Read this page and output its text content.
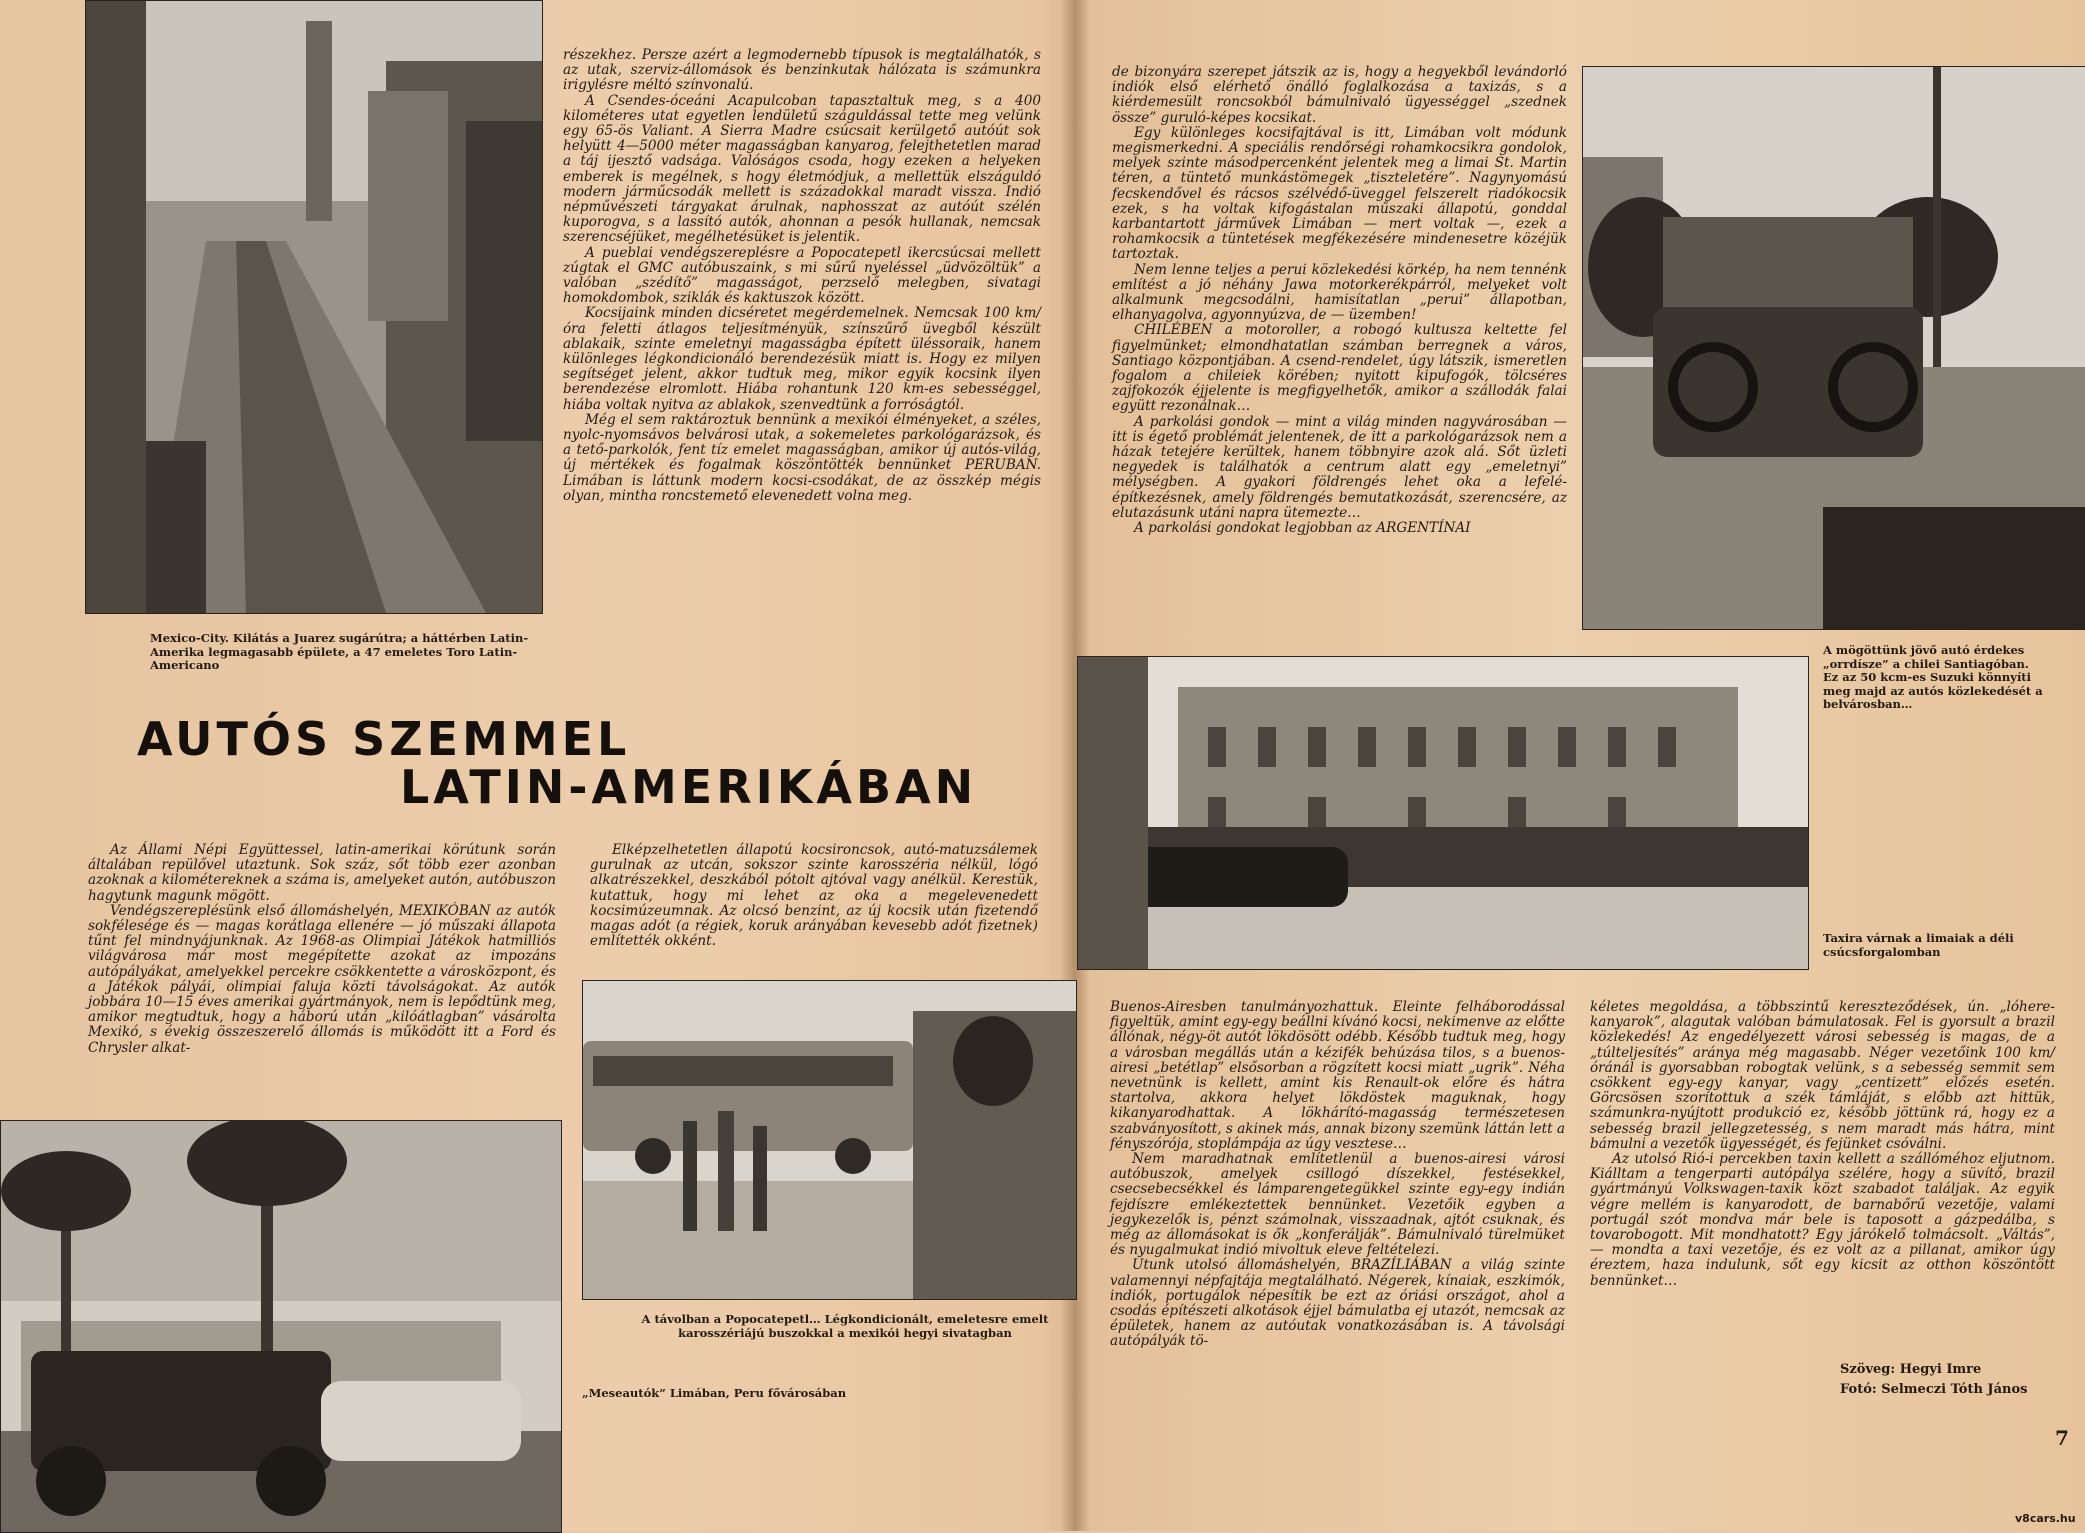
Mexico-City. Kilátás a Juarez sugárútra; a háttérben Latin-Amerika legmagasabb épülete, a 47 emeletes Toro Latin-Americano

részekhez. Persze azért a legmodernebb típusok is megtalálhatók, s az utak, szerviz-állomások és benzinkutak hálózata is számunkra irigylésre méltó színvonalú.

A Csendes-óceáni Acapulcoban tapasztaltuk meg, s a 400 kilométeres utat egyetlen lendületű száguldással tette meg velünk egy 65-ös Valiant. A Sierra Madre csúcsait kerülgető autóút sok helyütt 4—5000 méter magasságban kanyarog, felejthetetlen marad a táj ijesztő vadsága. Valóságos csoda, hogy ezeken a helyeken emberek is megélnek, s hogy életmódjuk, a mellettük elszáguldó modern járműcsodák mellett is századokkal maradt vissza. Indió népművészeti tárgyakat árulnak, naphosszat az autóút szélén kuporogva, s a lassító autók, ahonnan a pesók hullanak, nemcsak szerencséjüket, megélhetésüket is jelentik.

A pueblai vendégszereplésre a Popocatepetl ikercsúcsai mellett zúgtak el GMC autóbuszaink, s mi sűrű nyeléssel „üdvözöltük” a valóban „szédítő” magasságot, perzselő melegben, sivatagi homokdombok, sziklák és kaktuszok között.

Kocsijaink minden dicséretet megérdemelnek. Nemcsak 100 km/óra feletti átlagos teljesítményük, színszűrő üvegből készült ablakaik, szinte emeletnyi magasságba épített üléssoraik, hanem különleges légkondicionáló berendezésük miatt is. Hogy ez milyen segítséget jelent, akkor tudtuk meg, mikor egyik kocsink ilyen berendezése elromlott. Hiába rohantunk 120 km-es sebességgel, hiába voltak nyitva az ablakok, szenvedtünk a forróságtól.

Még el sem raktároztuk bennünk a mexikói élményeket, a széles, nyolc-nyomsávos belvárosi utak, a sokemeletes parkológarázsok, és a tető-parkolók, fent tíz emelet magasságban, amikor új autós-világ, új mértékek és fogalmak köszöntötték bennünket PERUBAN. Limában is láttunk modern kocsi-csodákat, de az összkép mégis olyan, mintha roncstemető elevenedett volna meg.

AUTÓS SZEMMEL
LATIN-AMERIKÁBAN

Az Állami Népi Együttessel, latin-amerikai körútunk során általában repülővel utaztunk. Sok száz, sőt több ezer azonban azoknak a kilométereknek a száma is, amelyeket autón, autóbuszon hagytunk magunk mögött.

Vendégszereplésünk első állomáshelyén, MEXIKÓBAN az autók sokfélesége és — magas korátlaga ellenére — jó műszaki állapota tűnt fel mindnyájunknak. Az 1968-as Olimpiai Játékok hatmilliós világvárosa már most megépítette azokat az impozáns autópályákat, amelyekkel percekre csökkentette a városközpont, és a Játékok pályái, olimpiai faluja közti távolságokat. Az autók jobbára 10—15 éves amerikai gyártmányok, nem is lepődtünk meg, amikor megtudtuk, hogy a háború után „kilóátlagban” vásárolta Mexikó, s évekig összeszerelő állomás is működött itt a Ford és Chrysler alkat-

Elképzelhetetlen állapotú kocsironcsok, autó-matuzsálemek gurulnak az utcán, sokszor szinte karosszéria nélkül, lógó alkatrészekkel, deszkából pótolt ajtóval vagy anélkül. Kerestük, kutattuk, hogy mi lehet az oka a megelevenedett kocsimúzeumnak. Az olcsó benzint, az új kocsik után fizetendő magas adót (a régiek, koruk arányában kevesebb adót fizetnek) említették okként.

A távolban a Popocatepetl… Légkondicionált, emeletesre emelt karosszériájú buszokkal a mexikói hegyi sivatagban
„Meseautók” Limában, Peru fővárosában

de bizonyára szerepet játszik az is, hogy a hegyekből levándorló indiók első elérhető önálló foglalkozása a taxizás, s a kiérdemesült roncsokból bámulnivaló ügyességgel „szednek össze” guruló-képes kocsikat.

Egy különleges kocsifajtával is itt, Limában volt módunk megismerkedni. A speciális rendőrségi rohamkocsikra gondolok, melyek szinte másodpercenként jelentek meg a limai St. Martin téren, a tüntető munkástömegek „tiszteletére”. Nagynyomású fecskendővel és rácsos szélvédő-üveggel felszerelt riadókocsik ezek, s ha voltak kifogástalan műszaki állapotú, gonddal karbantartott járművek Limában — mert voltak —, ezek a rohamkocsik a tüntetések megfékezésére mindenesetre közéjük tartoztak.

Nem lenne teljes a perui közlekedési körkép, ha nem tennénk említést a jó néhány Jawa motorkerékpárról, melyeket volt alkalmunk megcsodálni, hamisítatlan „perui” állapotban, elhanyagolva, agyonnyúzva, de — üzemben!

CHILÉBEN a motoroller, a robogó kultusza keltette fel figyelmünket; elmondhatatlan számban berregnek a város, Santiago központjában. A csend-rendelet, úgy látszik, ismeretlen fogalom a chileiek körében; nyitott kipufogók, tölcséres zajfokozók éjjelente is megfigyelhetők, amikor a szállodák falai együtt rezonálnak…

A parkolási gondok — mint a világ minden nagyvárosában — itt is égető problémát jelentenek, de itt a parkológarázsok nem a házak tetejére kerültek, hanem többnyire azok alá. Sőt üzleti negyedek is találhatók a centrum alatt egy „emeletnyi” mélységben. A gyakori földrengés lehet oka a lefelé-építkezésnek, amely földrengés bemutatkozását, szerencsére, az elutazásunk utáni napra ütemezte…

A parkolási gondokat legjobban az ARGENTÍNAI

A mögöttünk jövő autó érdekes „orrdísze” a chilei Santiagóban. Ez az 50 kcm-es Suzuki könnyíti meg majd az autós közlekedését a belvárosban…
Taxira várnak a limaiak a déli csúcsforgalomban

Buenos-Airesben tanulmányozhattuk. Eleinte felháborodással figyeltük, amint egy-egy beállni kívánó kocsi, nekimenve az előtte állónak, négy-öt autót lökdösött odébb. Később tudtuk meg, hogy a városban megállás után a kézifék behúzása tilos, s a buenos-airesi „betétlap” elsősorban a rögzített kocsi miatt „ugrik”. Néha nevetnünk is kellett, amint kis Renault-ok előre és hátra startolva, akkora helyet lökdöstek maguknak, hogy kikanyarodhattak. A lökhárító-magasság természetesen szabványosított, s akinek más, annak bizony szemünk láttán lett a fényszórója, stoplámpája az úgy vesztese…

Nem maradhatnak említetlenül a buenos-airesi városi autóbuszok, amelyek csillogó díszekkel, festésekkel, csecsebecsékkel és lámparengetegükkel szinte egy-egy indián fejdíszre emlékeztettek bennünket. Vezetőik egyben a jegykezelők is, pénzt számolnak, visszaadnak, ajtót csuknak, és még az állomásokat is ők „konferálják”. Bámulnivaló türelmüket és nyugalmukat indió mivoltuk eleve feltételezi.

Utunk utolsó állomáshelyén, BRAZÍLIÁBAN a világ szinte valamennyi népfajtája megtalálható. Négerek, kínaiak, eszkimók, indiók, portugálok népesítik be ezt az óriási országot, ahol a csodás építészeti alkotások éjjel bámulatba ej utazót, nemcsak az épületek, hanem az autóutak vonatkozásában is. A távolsági autópályák tö-

kéletes megoldása, a többszintű kereszteződések, ún. „lóhere-kanyarok”, alagutak valóban bámulatosak. Fel is gyorsult a brazil közlekedés! Az engedélyezett városi sebesség is magas, de a „túlteljesítés” aránya még magasabb. Néger vezetőink 100 km/óránál is gyorsabban robogtak velünk, s a sebesség semmit sem csökkent egy-egy kanyar, vagy „centizett” előzés esetén. Görcsösen szorítottuk a szék támláját, s előbb azt hittük, számunkra-nyújtott produkció ez, később jöttünk rá, hogy ez a sebesség brazil jellegzetesség, s nem maradt más hátra, mint bámulni a vezetők ügyességét, és fejünket csóválni.

Az utolsó Rió-i percekben taxin kellett a szállóméhoz eljutnom. Kiálltam a tengerparti autópálya szélére, hogy a süvítő, brazil gyártmányú Volkswagen-taxik közt szabadot találjak. Az egyik végre mellém is kanyarodott, de barnabőrű vezetője, valami portugál szót mondva már bele is taposott a gázpedálba, s tovarobogott. Mit mondhatott? Egy járókelő tolmácsolt. „Váltás”, — mondta a taxi vezetője, és ez volt az a pillanat, amikor úgy éreztem, haza indulunk, sőt egy kicsit az otthon köszöntött bennünket…

Szöveg: Hegyi Imre
Fotó: Selmeczi Tóth János
7
v8cars.hu
